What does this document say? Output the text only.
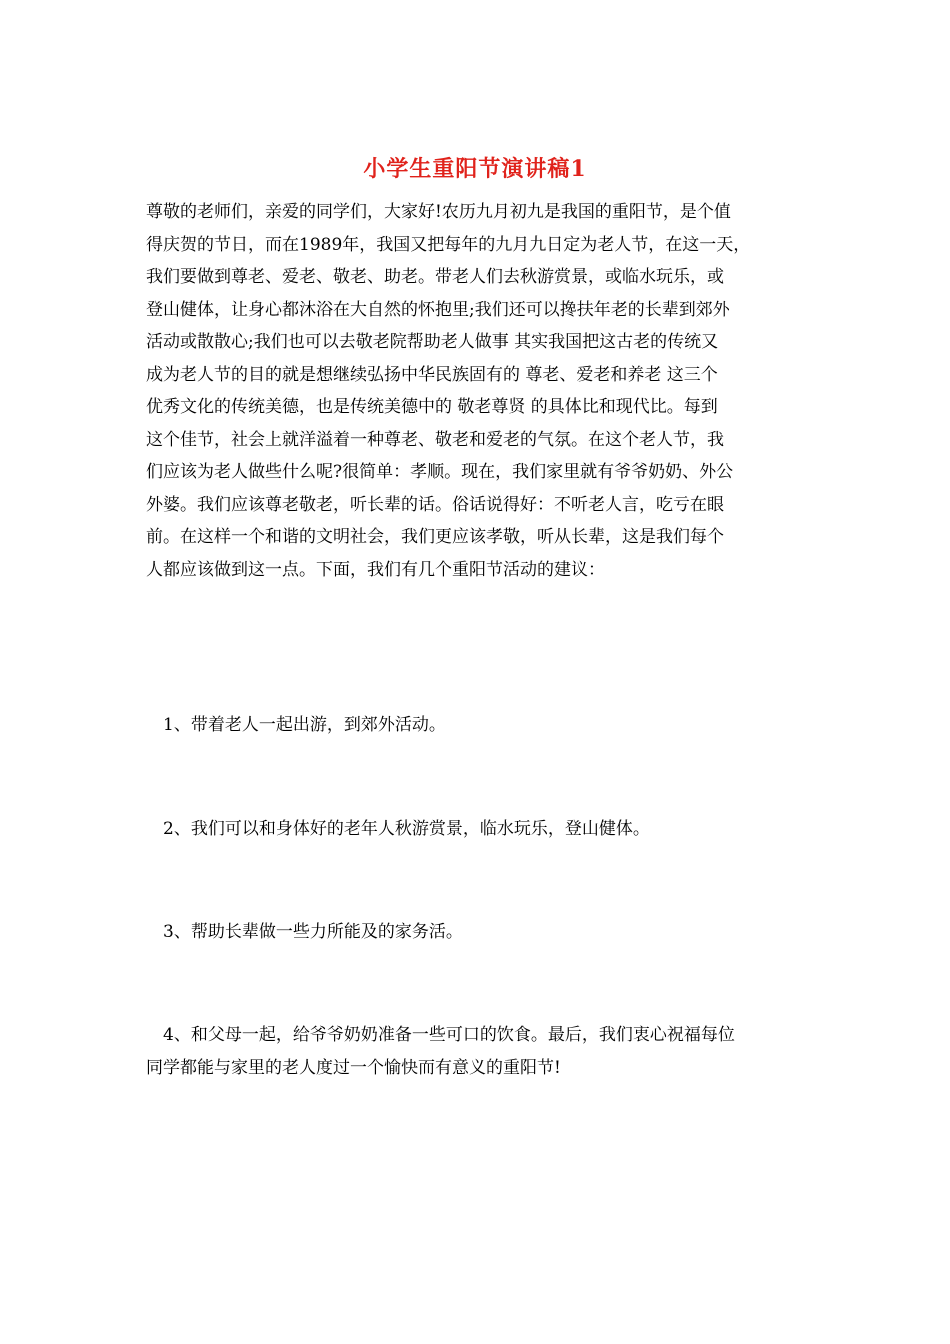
小学生重阳节演讲稿1
尊敬的老师们，亲爱的同学们，大家好!农历九月初九是我国的重阳节，是个值
得庆贺的节日，而在1989年，我国又把每年的九月九日定为老人节，在这一天，
我们要做到尊老、爱老、敬老、助老。带老人们去秋游赏景，或临水玩乐，或
登山健体，让身心都沐浴在大自然的怀抱里;我们还可以搀扶年老的长辈到郊外
活动或散散心;我们也可以去敬老院帮助老人做事 其实我国把这古老的传统又
成为老人节的目的就是想继续弘扬中华民族固有的 尊老、爱老和养老 这三个
优秀文化的传统美德，也是传统美德中的 敬老尊贤 的具体比和现代比。每到
这个佳节，社会上就洋溢着一种尊老、敬老和爱老的气氛。在这个老人节，我
们应该为老人做些什么呢?很简单：孝顺。现在，我们家里就有爷爷奶奶、外公
外婆。我们应该尊老敬老，听长辈的话。俗话说得好：不听老人言，吃亏在眼
前。在这样一个和谐的文明社会，我们更应该孝敬，听从长辈，这是我们每个
人都应该做到这一点。下面，我们有几个重阳节活动的建议：
1、带着老人一起出游，到郊外活动。
2、我们可以和身体好的老年人秋游赏景，临水玩乐，登山健体。
3、帮助长辈做一些力所能及的家务活。
4、和父母一起，给爷爷奶奶准备一些可口的饮食。最后，我们衷心祝福每位
同学都能与家里的老人度过一个愉快而有意义的重阳节!
